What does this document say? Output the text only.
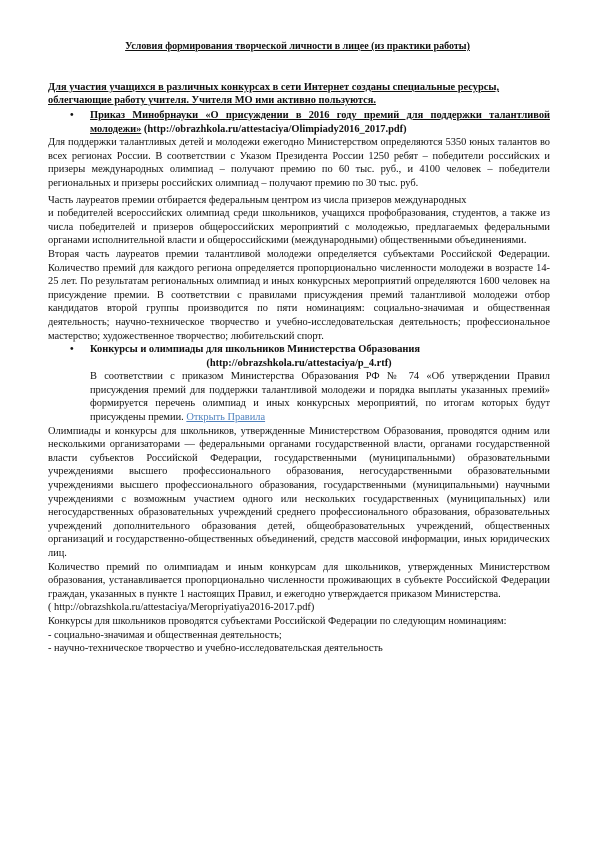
Условия формирования творческой личности в лицее (из практики работы)
Для участия учащихся в различных конкурсах в сети Интернет созданы специальные ресурсы, облегчающие работу учителя. Учителя МО ими активно пользуются.
• Приказ Минобрнауки «О присуждении в 2016 году премий для поддержки талантливой молодежи» (http://obrazhkola.ru/attestaciya/Olimpiady2016_2017.pdf)

Для поддержки талантливых детей и молодежи ежегодно Министерством определяются 5350 юных талантов во всех регионах России. В соответствии с Указом Президента России 1250 ребят – победители российских и призеры международных олимпиад – получают премию по 60 тыс. руб., и 4100 человек – победители региональных и призеры российских олимпиад – получают премию по 30 тыс. руб.

Часть лауреатов премии отбирается федеральным центром из числа призеров международных

и победителей всероссийских олимпиад среди школьников, учащихся профобразования, студентов, а также из числа победителей и призеров общероссийских мероприятий с молодежью, предлагаемых федеральными органами исполнительной власти и общероссийскими (международными) общественными объединениями.

Вторая часть лауреатов премии талантливой молодежи определяется субъектами Российской Федерации. Количество премий для каждого региона определяется пропорционально численности молодежи в возрасте 14-25 лет. По результатам региональных олимпиад и иных конкурсных мероприятий определяются 1600 человек на присуждение премии. В соответствии с правилами присуждения премий талантливой молодежи отбор кандидатов второй группы производится по пяти номинациям: социально-значимая и общественная деятельность; научно-техническое творчество и учебно-исследовательская деятельность; профессиональное мастерство; художественное творчество; любительский спорт.

• Конкурсы и олимпиады для школьников Министерства Образования
(http://obrazshkola.ru/attestaciya/p_4.rtf)

В соответствии с приказом Министерства Образования РФ № 74 «Об утверждении Правил присуждения премий для поддержки талантливой молодежи и порядка выплаты указанных премий» формируется перечень олимпиад и иных конкурсных мероприятий, по итогам которых будут присуждены премии. Открыть Правила

Олимпиады и конкурсы для школьников, утвержденные Министерством Образования, проводятся одним или несколькими организаторами — федеральными органами государственной власти, органами государственной власти субъектов Российской Федерации, государственными (муниципальными) образовательными учреждениями высшего профессионального образования, негосударственными образовательными учреждениями высшего профессионального образования, государственными (муниципальными) научными учреждениями с возможным участием одного или нескольких государственных (муниципальных) или негосударственных образовательных учреждений среднего профессионального образования, образовательных учреждений дополнительного образования детей, общеобразовательных учреждений, общественных организаций и государственно-общественных объединений, средств массовой информации, иных юридических лиц.

Количество премий по олимпиадам и иным конкурсам для школьников, утвержденных Министерством образования, устанавливается пропорционально численности проживающих в субъекте Российской Федерации граждан, указанных в пункте 1 настоящих Правил, и ежегодно утверждается приказом Министерства.

( http://obrazshkola.ru/attestaciya/Meropriyatiya2016-2017.pdf)

Конкурсы для школьников проводятся субъектами Российской Федерации по следующим номинациям:

- социально-значимая и общественная деятельность;

- научно-техническое творчество и учебно-исследовательская деятельность
